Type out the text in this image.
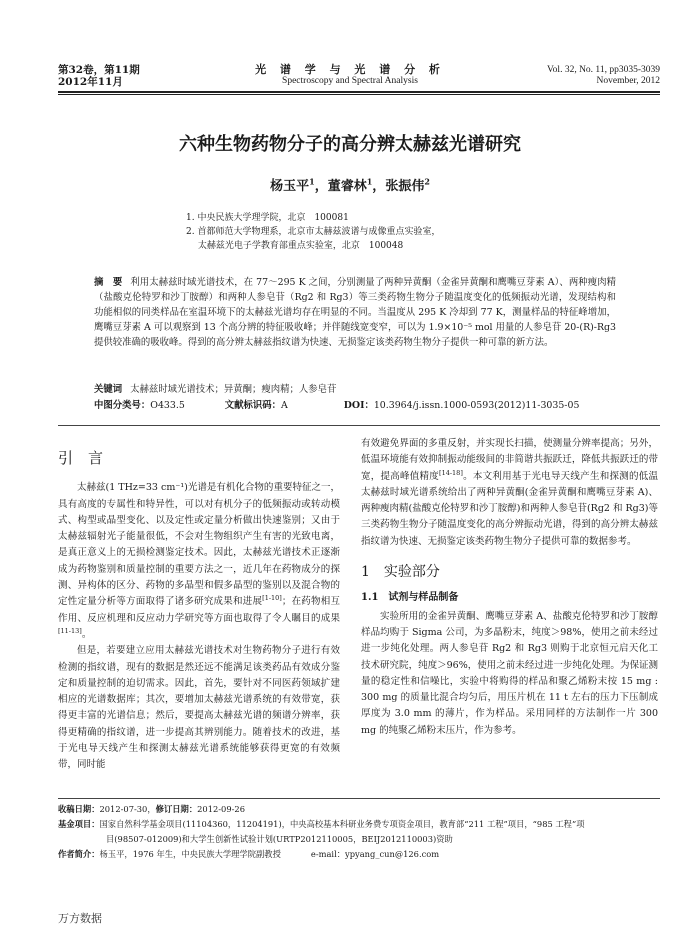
第32卷，第11期
2012年11月
光 谱 学 与 光 谱 分 析
Spectroscopy and Spectral Analysis
Vol. 32, No. 11, pp3035-3039
November, 2012
六种生物药物分子的高分辨太赫兹光谱研究
杨玉平$^1$，董睿林$^1$，张振伟$^2$

1. 中央民族大学理学院，北京　100081

2. 首都师范大学物理系，北京市太赫兹波谱与成像重点实验室，

　 太赫兹光电子学教育部重点实验室，北京　100048

摘　要 利用太赫兹时域光谱技术，在 77～295 K 之间，分别测量了两种异黄酮（金雀异黄酮和鹰嘴豆芽素 A）、两种瘦肉精（盐酸克伦特罗和沙丁胺醇）和两种人参皂苷（Rg2 和 Rg3）等三类药物生物分子随温度变化的低频振动光谱，发现结构和功能相似的同类样品在室温环境下的太赫兹光谱均存在明显的不同。当温度从 295 K 冷却到 77 K，测量样品的特征峰增加，鹰嘴豆芽素 A 可以观察到 13 个高分辨的特征吸收峰；并伴随线宽变窄，可以为 1.9×10⁻⁵ mol 用量的人参皂苷 20-(R)-Rg3 提供较准确的吸收峰。得到的高分辨太赫兹指纹谱为快速、无损鉴定该类药物生物分子提供一种可靠的新方法。
关键词 太赫兹时域光谱技术；异黄酮；瘦肉精；人参皂苷
中图分类号：O433.5	文献标识码：A	DOI：10.3964/j.issn.1000-0593(2012)11-3035-05
引　言

太赫兹(1 THz=33 cm⁻¹)光谱是有机化合物的重要特征之一，具有高度的专属性和特异性，可以对有机分子的低频振动或转动模式、构型或晶型变化、以及定性或定量分析做出快速鉴别；又由于太赫兹辐射光子能量很低，不会对生物组织产生有害的光致电离，是真正意义上的无损检测鉴定技术。因此，太赫兹光谱技术正逐渐成为药物鉴别和质量控制的重要方法之一，近几年在药物成分的探测、异构体的区分、药物的多晶型和假多晶型的鉴别以及混合物的定性定量分析等方面取得了诸多研究成果和进展[1-10]；在药物相互作用、反应机理和反应动力学研究等方面也取得了令人瞩目的成果[11-13]。

但是，若要建立应用太赫兹光谱技术对生物药物分子进行有效检测的指纹谱，现有的数据是然还远不能满足该类药品有效成分鉴定和质量控制的迫切需求。因此，首先，要针对不同医药领域扩建相应的光谱数据库；其次，要增加太赫兹光谱系统的有效带宽，获得更丰富的光谱信息；然后，要提高太赫兹光谱的频谱分辨率，获得更精确的指纹谱，进一步提高其辨别能力。随着技术的改进，基于光电导天线产生和探测太赫兹光谱系统能够获得更宽的有效频带，同时能

有效避免界面的多重反射，并实现长扫描，使测量分辨率提高；另外，低温环境能有效抑制振动能级间的非简谐共振跃迁，降低共振跃迁的带宽，提高峰值精度[14-18]。本文利用基于光电导天线产生和探测的低温太赫兹时域光谱系统给出了两种异黄酮(金雀异黄酮和鹰嘴豆芽素 A)、两种瘦肉精(盐酸克伦特罗和沙丁胺醇)和两种人参皂苷(Rg2 和 Rg3)等三类药物生物分子随温度变化的高分辨振动光谱，得到的高分辨太赫兹指纹谱为快速、无损鉴定该类药物生物分子提供可靠的数据参考。

1　实验部分
1.1　试剂与样品制备

实验所用的金雀异黄酮、鹰嘴豆芽素 A、盐酸克伦特罗和沙丁胺醇样品均购于 Sigma 公司，为多晶粉末，纯度＞98%，使用之前未经过进一步纯化处理。两人参皂苷 Rg2 和 Rg3 则购于北京恒元启天化工技术研究院，纯度＞96%，使用之前未经过进一步纯化处理。为保证测量的稳定性和信噪比，实验中将购得的样品和聚乙烯粉末按 15 mg : 300 mg 的质量比混合均匀后，用压片机在 11 t 左右的压力下压制成厚度为 3.0 mm 的薄片，作为样品。采用同样的方法制作一片 300 mg 的纯聚乙烯粉末压片，作为参考。

收稿日期：2012-07-30，修订日期：2012-09-26

基金项目：国家自然科学基金项目(11104360，11204191)，中央高校基本科研业务费专项资金项目，教育部“211 工程”项目，“985 工程”项

目(98507-012009)和大学生创新性试验计划(URTP2012110005，BEIJ2012110003)资助

作者简介：杨玉平，1976 年生，中央民族大学理学院副教授	e-mail：ypyang_cun@126.com

万方数据
